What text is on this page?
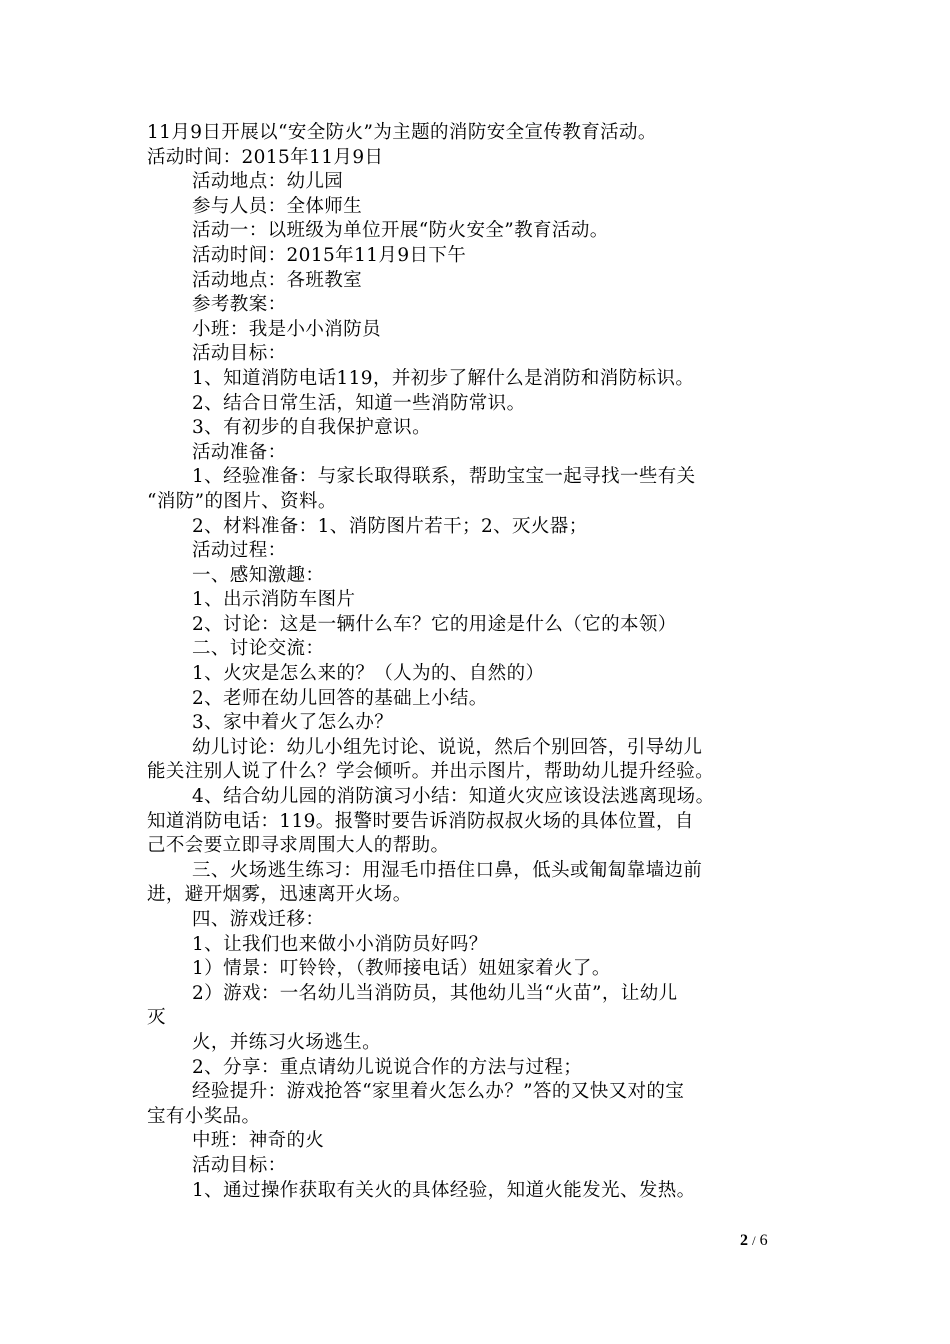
11月9日开展以“安全防火”为主题的消防安全宣传教育活动。

活动时间：2015年11月9日

活动地点：幼儿园

参与人员：全体师生

活动一：以班级为单位开展“防火安全”教育活动。

活动时间：2015年11月9日下午

活动地点：各班教室

参考教案：

小班：我是小小消防员

活动目标：

1、知道消防电话119，并初步了解什么是消防和消防标识。

2、结合日常生活，知道一些消防常识。

3、有初步的自我保护意识。

活动准备：

1、经验准备：与家长取得联系，帮助宝宝一起寻找一些有关

“消防”的图片、资料。

2、材料准备：1、消防图片若干；2、灭火器；

活动过程：

一、感知激趣：

1、出示消防车图片

2、讨论：这是一辆什么车？它的用途是什么（它的本领）

二、讨论交流：

1、火灾是怎么来的？（人为的、自然的）

2、老师在幼儿回答的基础上小结。

3、家中着火了怎么办？

幼儿讨论：幼儿小组先讨论、说说，然后个别回答，引导幼儿

能关注别人说了什么？学会倾听。并出示图片，帮助幼儿提升经验。

4、结合幼儿园的消防演习小结：知道火灾应该设法逃离现场。

知道消防电话：119。报警时要告诉消防叔叔火场的具体位置，自

己不会要立即寻求周围大人的帮助。

三、火场逃生练习：用湿毛巾捂住口鼻，低头或匍匐靠墙边前

进，避开烟雾，迅速离开火场。

四、游戏迁移：

1、让我们也来做小小消防员好吗？

1）情景：叮铃铃，（教师接电话）妞妞家着火了。

2）游戏：一名幼儿当消防员，其他幼儿当“火苗”，让幼儿

灭

火，并练习火场逃生。

2、分享：重点请幼儿说说合作的方法与过程；

经验提升：游戏抢答“家里着火怎么办？”答的又快又对的宝

宝有小奖品。

中班：神奇的火

活动目标：

1、通过操作获取有关火的具体经验，知道火能发光、发热。

2 / 6
